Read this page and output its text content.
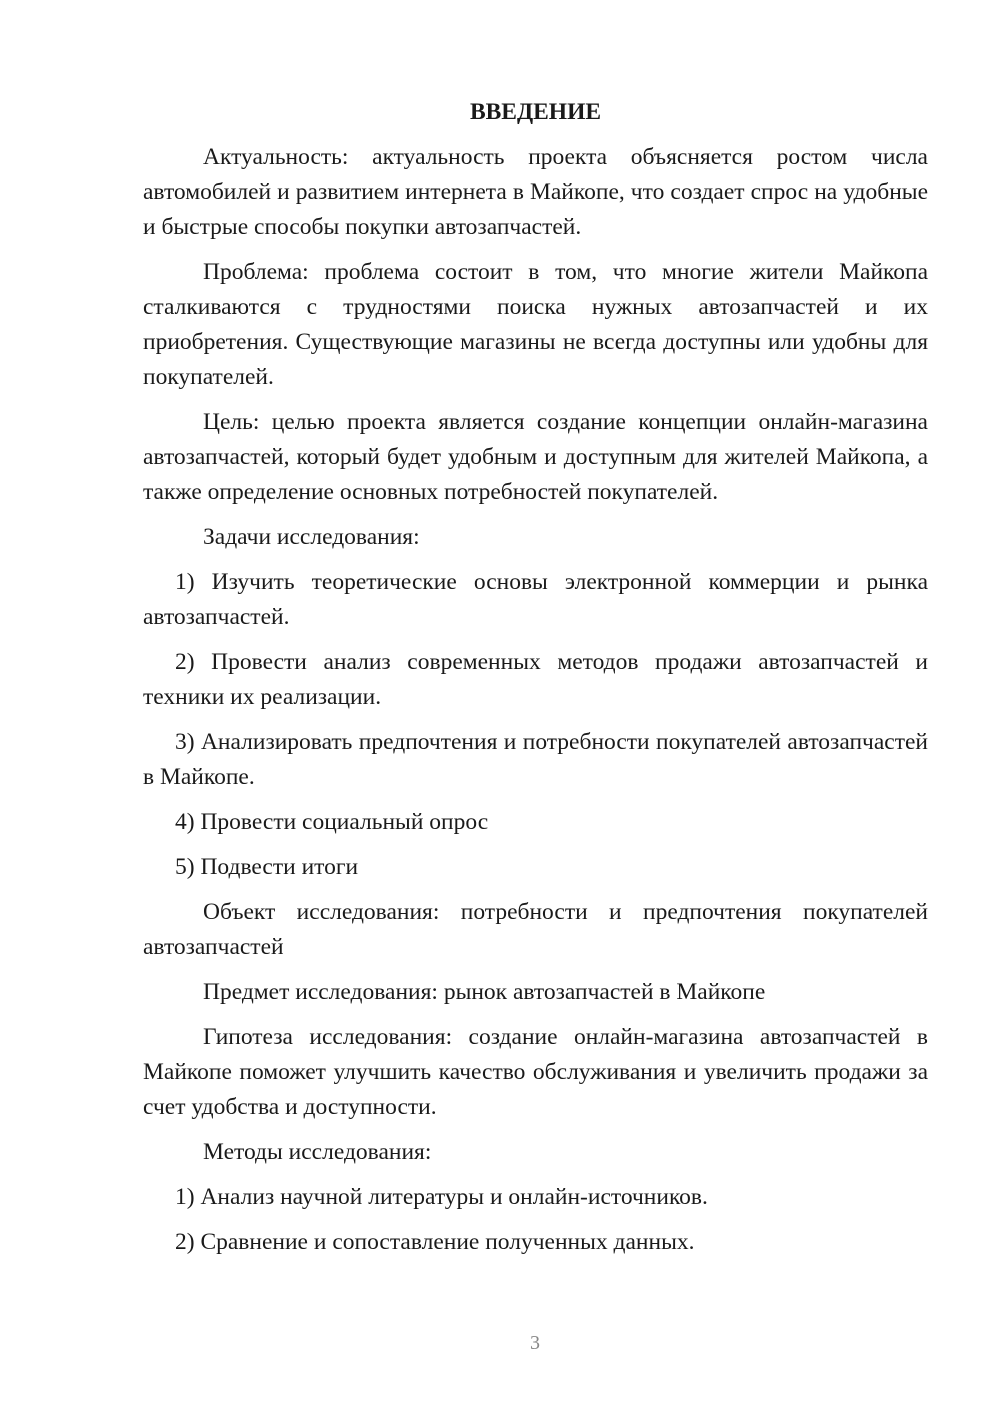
ВВЕДЕНИЕ

Актуальность: актуальность проекта объясняется ростом числа автомобилей и развитием интернета в Майкопе, что создает спрос на удобные и быстрые способы покупки автозапчастей.

Проблема: проблема состоит в том, что многие жители Майкопа сталкиваются с трудностями поиска нужных автозапчастей и их приобретения. Существующие магазины не всегда доступны или удобны для покупателей.

Цель: целью проекта является создание концепции онлайн-магазина автозапчастей, который будет удобным и доступным для жителей Майкопа, а также определение основных потребностей покупателей.

Задачи исследования:

1) Изучить теоретические основы электронной коммерции и рынка автозапчастей.

2) Провести анализ современных методов продажи автозапчастей и техники их реализации.

3) Анализировать предпочтения и потребности покупателей автозапчастей в Майкопе.

4) Провести социальный опрос

5) Подвести итоги

Объект исследования: потребности и предпочтения покупателей автозапчастей

Предмет исследования: рынок автозапчастей в Майкопе

Гипотеза исследования: создание онлайн-магазина автозапчастей в Майкопе поможет улучшить качество обслуживания и увеличить продажи за счет удобства и доступности.

Методы исследования:

1) Анализ научной литературы и онлайн-источников.

2) Сравнение и сопоставление полученных данных.

3
